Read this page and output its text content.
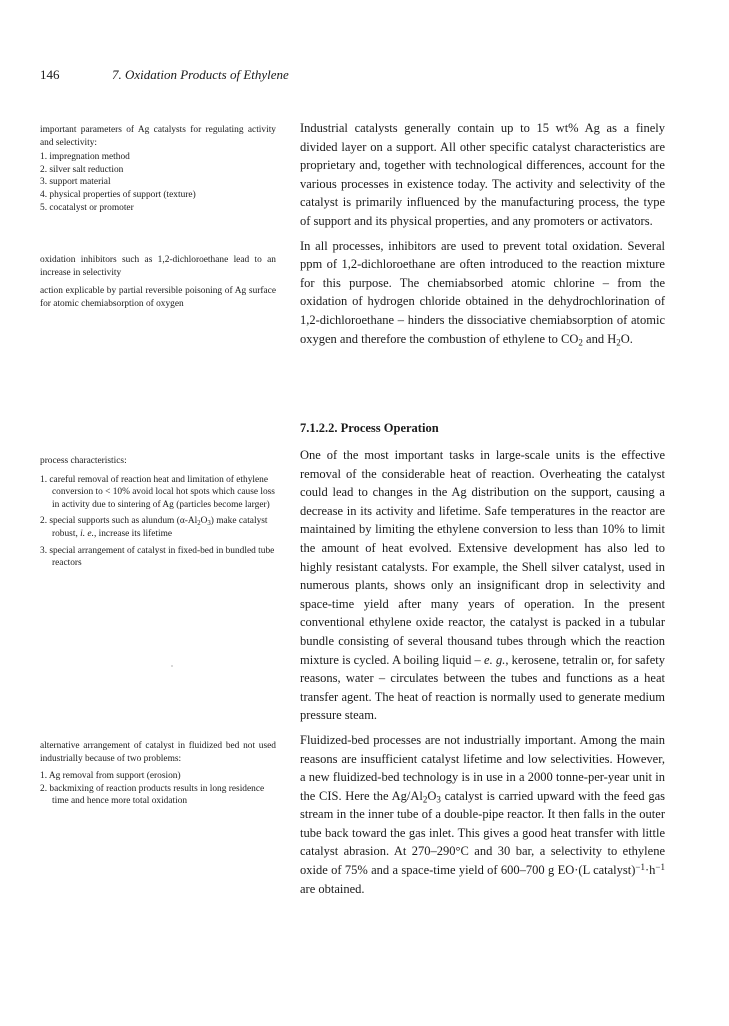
146	7. Oxidation Products of Ethylene

important parameters of Ag catalysts for regulating activity and selectivity:

1. impregnation method
2. silver salt reduction
3. support material
4. physical properties of support (texture)
5. cocatalyst or promoter

oxidation inhibitors such as 1,2-dichloroethane lead to an increase in selectivity

action explicable by partial reversible poisoning of Ag surface for atomic chemiabsorption of oxygen

process characteristics:

1. careful removal of reaction heat and limitation of ethylene conversion to < 10% avoid local hot spots which cause loss in activity due to sintering of Ag (particles become larger)
2. special supports such as alundum $(\alpha-Al_2O_3)$ make catalyst robust, i. e., increase its lifetime
3. special arrangement of catalyst in fixed-bed in bundled tube reactors

alternative arrangement of catalyst in fluidized bed not used industrially because of two problems:

1. Ag removal from support (erosion)
2. backmixing of reaction products results in long residence time and hence more total oxidation

Industrial catalysts generally contain up to 15 wt% Ag as a finely divided layer on a support. All other specific catalyst characteristics are proprietary and, together with technological differences, account for the various processes in existence today. The activity and selectivity of the catalyst is primarily influenced by the manufacturing process, the type of support and its physical properties, and any promoters or activators.

In all processes, inhibitors are used to prevent total oxidation. Several ppm of 1,2-dichloroethane are often introduced to the reaction mixture for this purpose. The chemiabsorbed atomic chlorine – from the oxidation of hydrogen chloride obtained in the dehydrochlorination of 1,2-dichloroethane – hinders the dissociative chemiabsorption of atomic oxygen and therefore the combustion of ethylene to $CO_2$ and $H_2O$.

7.1.2.2. Process Operation

One of the most important tasks in large-scale units is the effective removal of the considerable heat of reaction. Overheating the catalyst could lead to changes in the Ag distribution on the support, causing a decrease in its activity and lifetime. Safe temperatures in the reactor are maintained by limiting the ethylene conversion to less than 10% to limit the amount of heat evolved. Extensive development has also led to highly resistant catalysts. For example, the Shell silver catalyst, used in numerous plants, shows only an insignificant drop in selectivity and space-time yield after many years of operation. In the present conventional ethylene oxide reactor, the catalyst is packed in a tubular bundle consisting of several thousand tubes through which the reaction mixture is cycled. A boiling liquid – e. g., kerosene, tetralin or, for safety reasons, water – circulates between the tubes and functions as a heat transfer agent. The heat of reaction is normally used to generate medium pressure steam.

Fluidized-bed processes are not industrially important. Among the main reasons are insufficient catalyst lifetime and low selectivities. However, a new fluidized-bed technology is in use in a 2000 tonne-per-year unit in the CIS. Here the $Ag/Al_2O_3$ catalyst is carried upward with the feed gas stream in the inner tube of a double-pipe reactor. It then falls in the outer tube back toward the gas inlet. This gives a good heat transfer with little catalyst abrasion. At 270–290°C and 30 bar, a selectivity to ethylene oxide of 75% and a space-time yield of 600–700 g EO·(L $catalyst)^{-1}\cdot h^{-1}$ are obtained.
